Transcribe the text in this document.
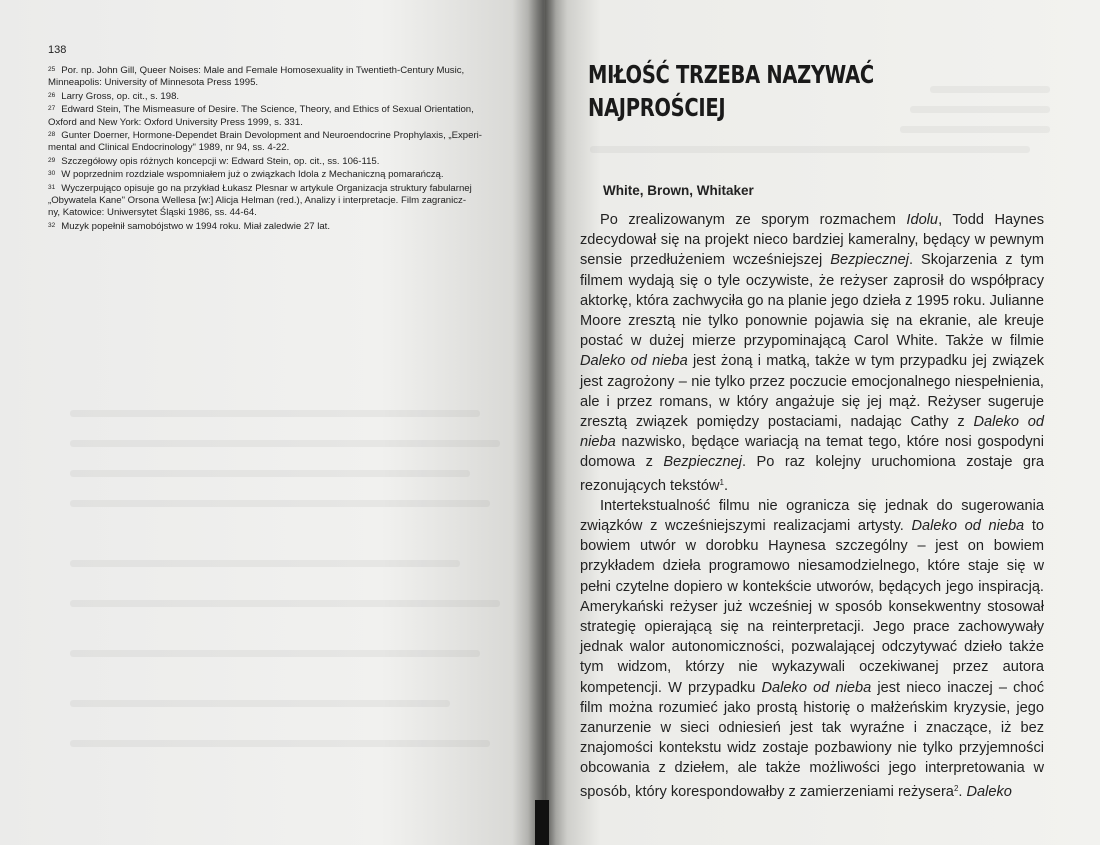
138
$^{25}$ Por. np. John Gill, Queer Noises: Male and Female Homosexuality in Twentieth-Century Music,
Minneapolis: University of Minnesota Press 1995.
$^{26}$ Larry Gross, op. cit., s. 198.
$^{27}$ Edward Stein, The Mismeasure of Desire. The Science, Theory, and Ethics of Sexual Orientation,
Oxford and New York: Oxford University Press 1999, s. 331.
$^{28}$ Gunter Doerner, Hormone-Dependet Brain Devolopment and Neuroendocrine Prophylaxis, „Experi-
mental and Clinical Endocrinology" 1989, nr 94, ss. 4-22.
$^{29}$ Szczegółowy opis różnych koncepcji w: Edward Stein, op. cit., ss. 106-115.
$^{30}$ W poprzednim rozdziale wspomniałem już o związkach Idola z Mechaniczną pomarańczą.
$^{31}$ Wyczerpująco opisuje go na przykład Łukasz Plesnar w artykule Organizacja struktury fabularnej
„Obywatela Kane" Orsona Wellesa [w:] Alicja Helman (red.), Analizy i interpretacje. Film zagranicz-
ny, Katowice: Uniwersytet Śląski 1986, ss. 44-64.
$^{32}$ Muzyk popełnił samobójstwo w 1994 roku. Miał zaledwie 27 lat.
MIŁOŚĆ TRZEBA NAZYWAĆ
NAJPROŚCIEJ
White, Brown, Whitaker

Po zrealizowanym ze sporym rozmachem Idolu, Todd Haynes zdecydował się na projekt nieco bardziej kameralny, będący w pewnym sensie przedłużeniem wcześniejszej Bezpiecznej. Skojarzenia z tym filmem wydają się o tyle oczywiste, że reżyser zaprosił do współpracy aktorkę, która zachwyciła go na planie jego dzieła z 1995 roku. Julianne Moore zresztą nie tylko ponownie pojawia się na ekranie, ale kreuje postać w dużej mierze przypominającą Carol White. Także w filmie Daleko od nieba jest żoną i matką, także w tym przypadku jej związek jest zagrożony – nie tylko przez poczucie emocjonalnego niespełnienia, ale i przez romans, w który angażuje się jej mąż. Reżyser sugeruje zresztą związek pomiędzy postaciami, nadając Cathy z Daleko od nieba nazwisko, będące wariacją na temat tego, które nosi gospodyni domowa z Bezpiecznej. Po raz kolejny uruchomiona zostaje gra rezonujących tekstów$^1$.

Intertekstualność filmu nie ogranicza się jednak do sugerowania związków z wcześniejszymi realizacjami artysty. Daleko od nieba to bowiem utwór w dorobku Haynesa szczególny – jest on bowiem przykładem dzieła programowo niesamodzielnego, które staje się w pełni czytelne dopiero w kontekście utworów, będących jego inspiracją. Amerykański reżyser już wcześniej w sposób konsekwentny stosował strategię opierającą się na reinterpretacji. Jego prace zachowywały jednak walor autonomiczności, pozwalającej odczytywać dzieło także tym widzom, którzy nie wykazywali oczekiwanej przez autora kompetencji. W przypadku Daleko od nieba jest nieco inaczej – choć film można rozumieć jako prostą historię o małżeńskim kryzysie, jego zanurzenie w sieci odniesień jest tak wyraźne i znaczące, iż bez znajomości kontekstu widz zostaje pozbawiony nie tylko przyjemności obcowania z dziełem, ale także możliwości jego interpretowania w sposób, który korespondowałby z zamierzeniami reżysera$^2$. Daleko
